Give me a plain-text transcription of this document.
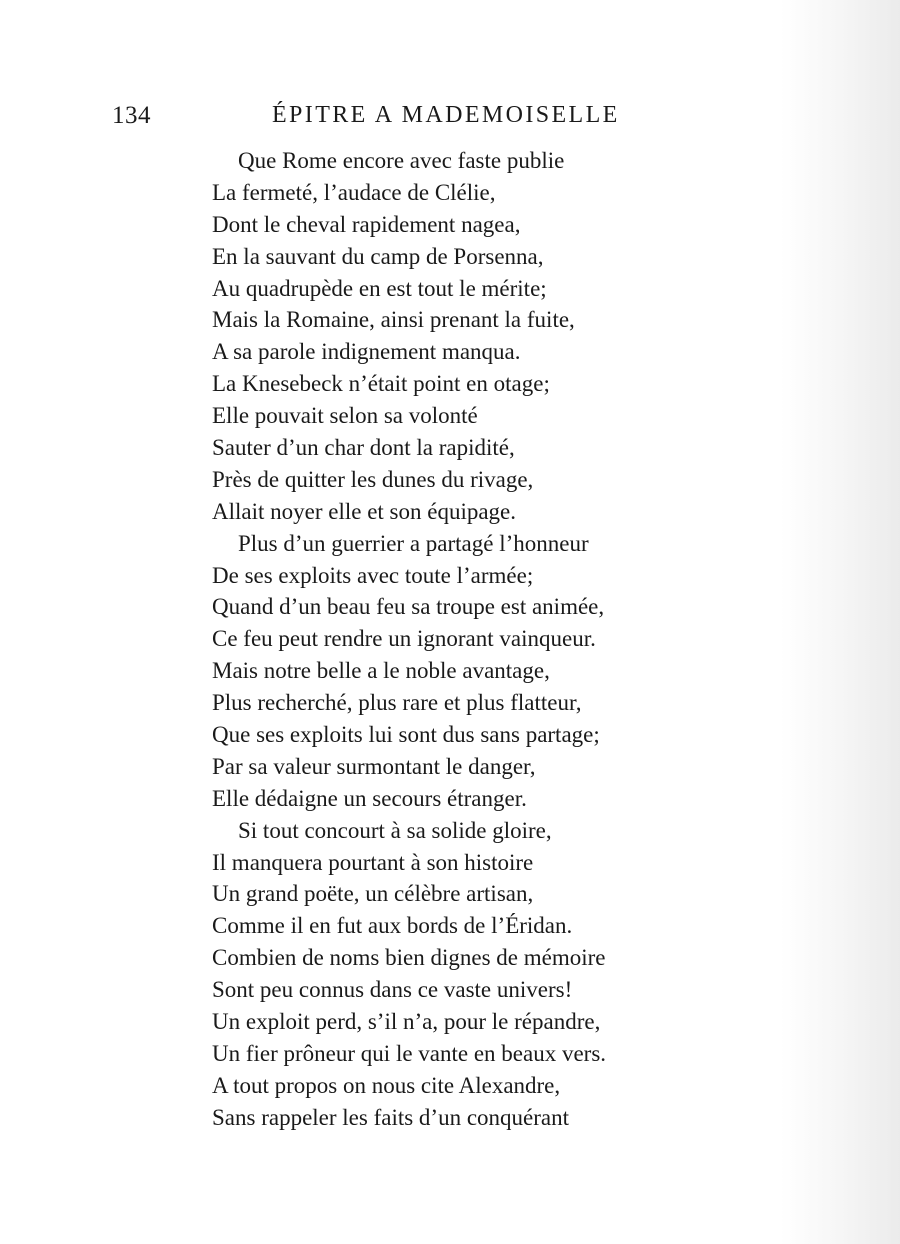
134	ÉPITRE A MADEMOISELLE
Que Rome encore avec faste publie
La fermeté, l’audace de Clélie,
Dont le cheval rapidement nagea,
En la sauvant du camp de Porsenna,
Au quadrupède en est tout le mérite;
Mais la Romaine, ainsi prenant la fuite,
A sa parole indignement manqua.
La Knesebeck n’était point en otage;
Elle pouvait selon sa volonté
Sauter d’un char dont la rapidité,
Près de quitter les dunes du rivage,
Allait noyer elle et son équipage.
Plus d’un guerrier a partagé l’honneur
De ses exploits avec toute l’armée;
Quand d’un beau feu sa troupe est animée,
Ce feu peut rendre un ignorant vainqueur.
Mais notre belle a le noble avantage,
Plus recherché, plus rare et plus flatteur,
Que ses exploits lui sont dus sans partage;
Par sa valeur surmontant le danger,
Elle dédaigne un secours étranger.
Si tout concourt à sa solide gloire,
Il manquera pourtant à son histoire
Un grand poëte, un célèbre artisan,
Comme il en fut aux bords de l’Éridan.
Combien de noms bien dignes de mémoire
Sont peu connus dans ce vaste univers!
Un exploit perd, s’il n’a, pour le répandre,
Un fier prôneur qui le vante en beaux vers.
A tout propos on nous cite Alexandre,
Sans rappeler les faits d’un conquérant
